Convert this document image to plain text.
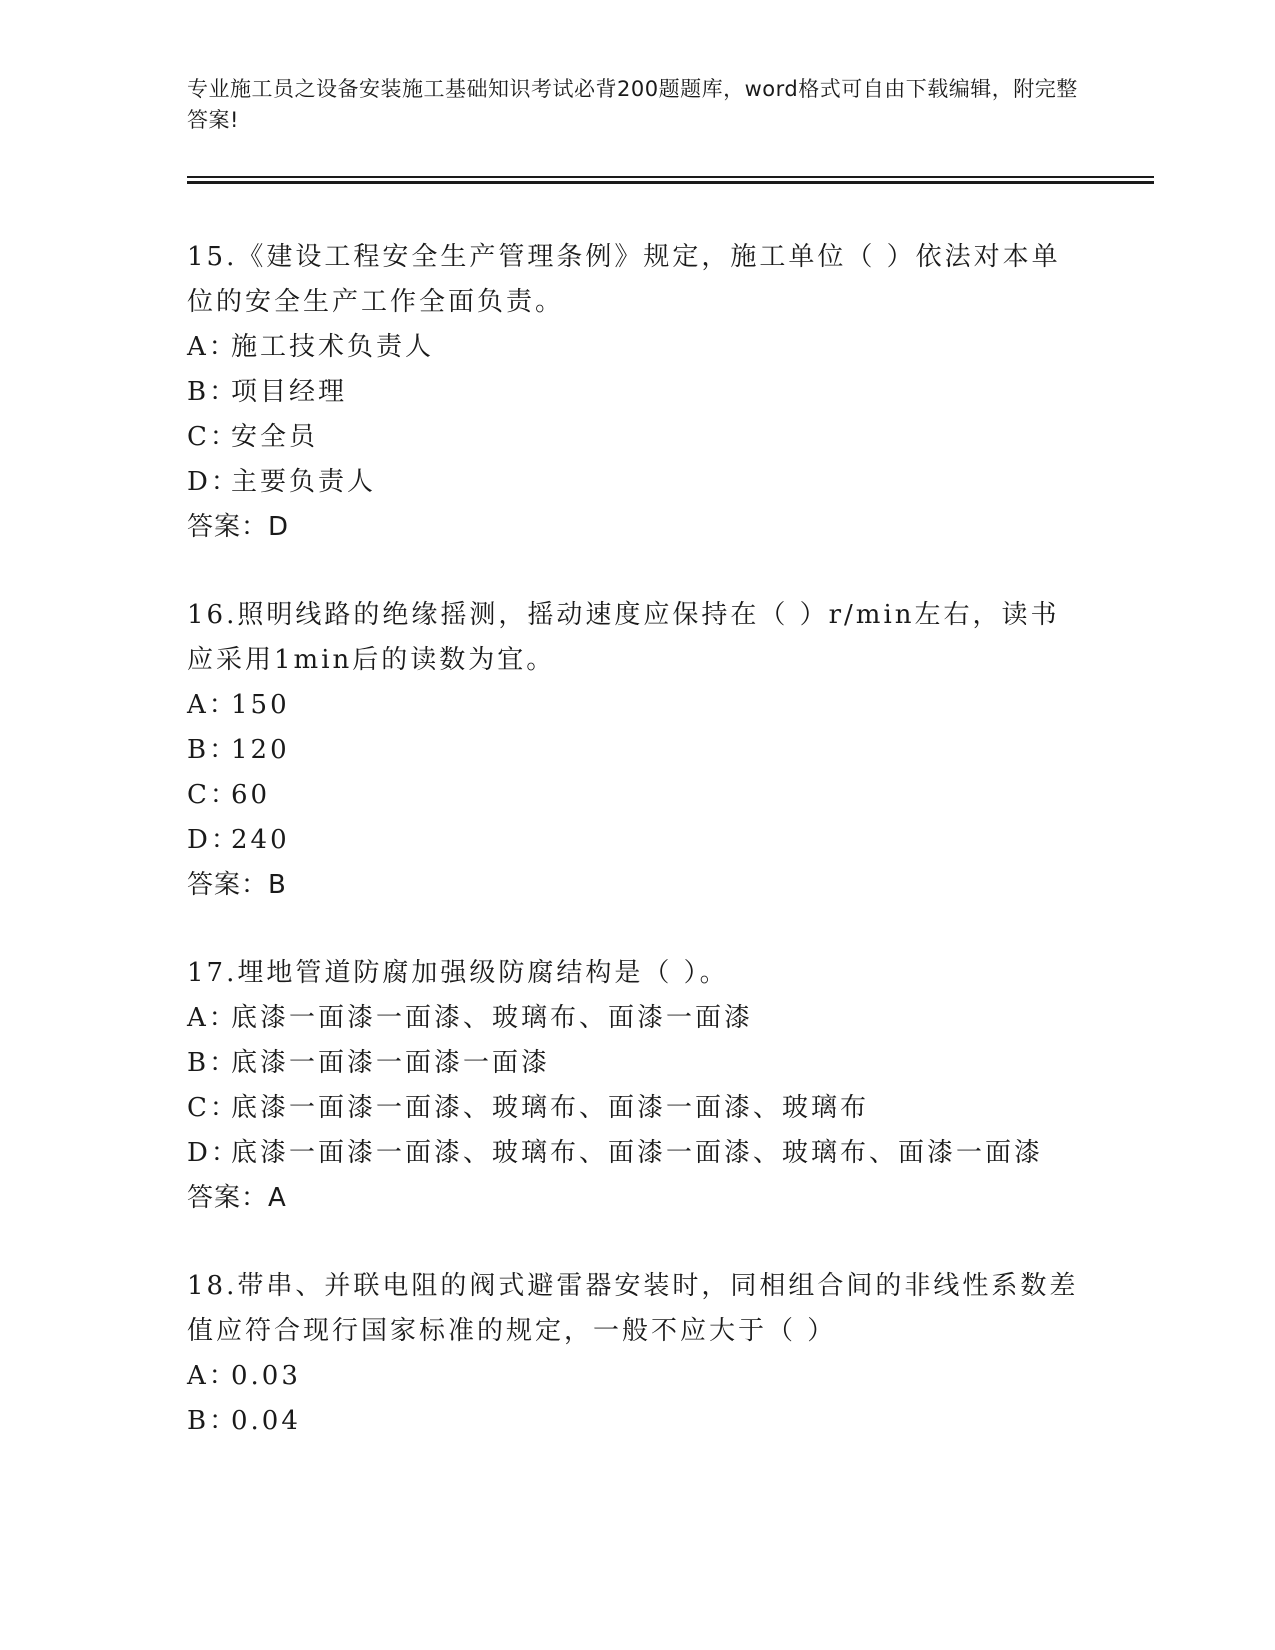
专业施工员之设备安装施工基础知识考试必背200题题库，word格式可自由下载编辑，附完整答案!
15.《建设工程安全生产管理条例》规定，施工单位（ ）依法对本单位的安全生产工作全面负责。
A：
施工技术负责人
B：
项目经理
C：
安全员
D：
主要负责人
答案：D
16.照明线路的绝缘摇测，摇动速度应保持在（ ）r/min左右，读书应采用1min后的读数为宜。
A：
150
B：
120
C：
60
D：
240
答案：B
17.埋地管道防腐加强级防腐结构是（ ）。
A：
底漆一面漆一面漆、玻璃布、面漆一面漆
B：
底漆一面漆一面漆一面漆
C：
底漆一面漆一面漆、玻璃布、面漆一面漆、玻璃布
D：
底漆一面漆一面漆、玻璃布、面漆一面漆、玻璃布、面漆一面漆
答案：A
18.带串、并联电阻的阀式避雷器安装时，同相组合间的非线性系数差值应符合现行国家标准的规定，一般不应大于（ ）
A：
0.03
B：
0.04
